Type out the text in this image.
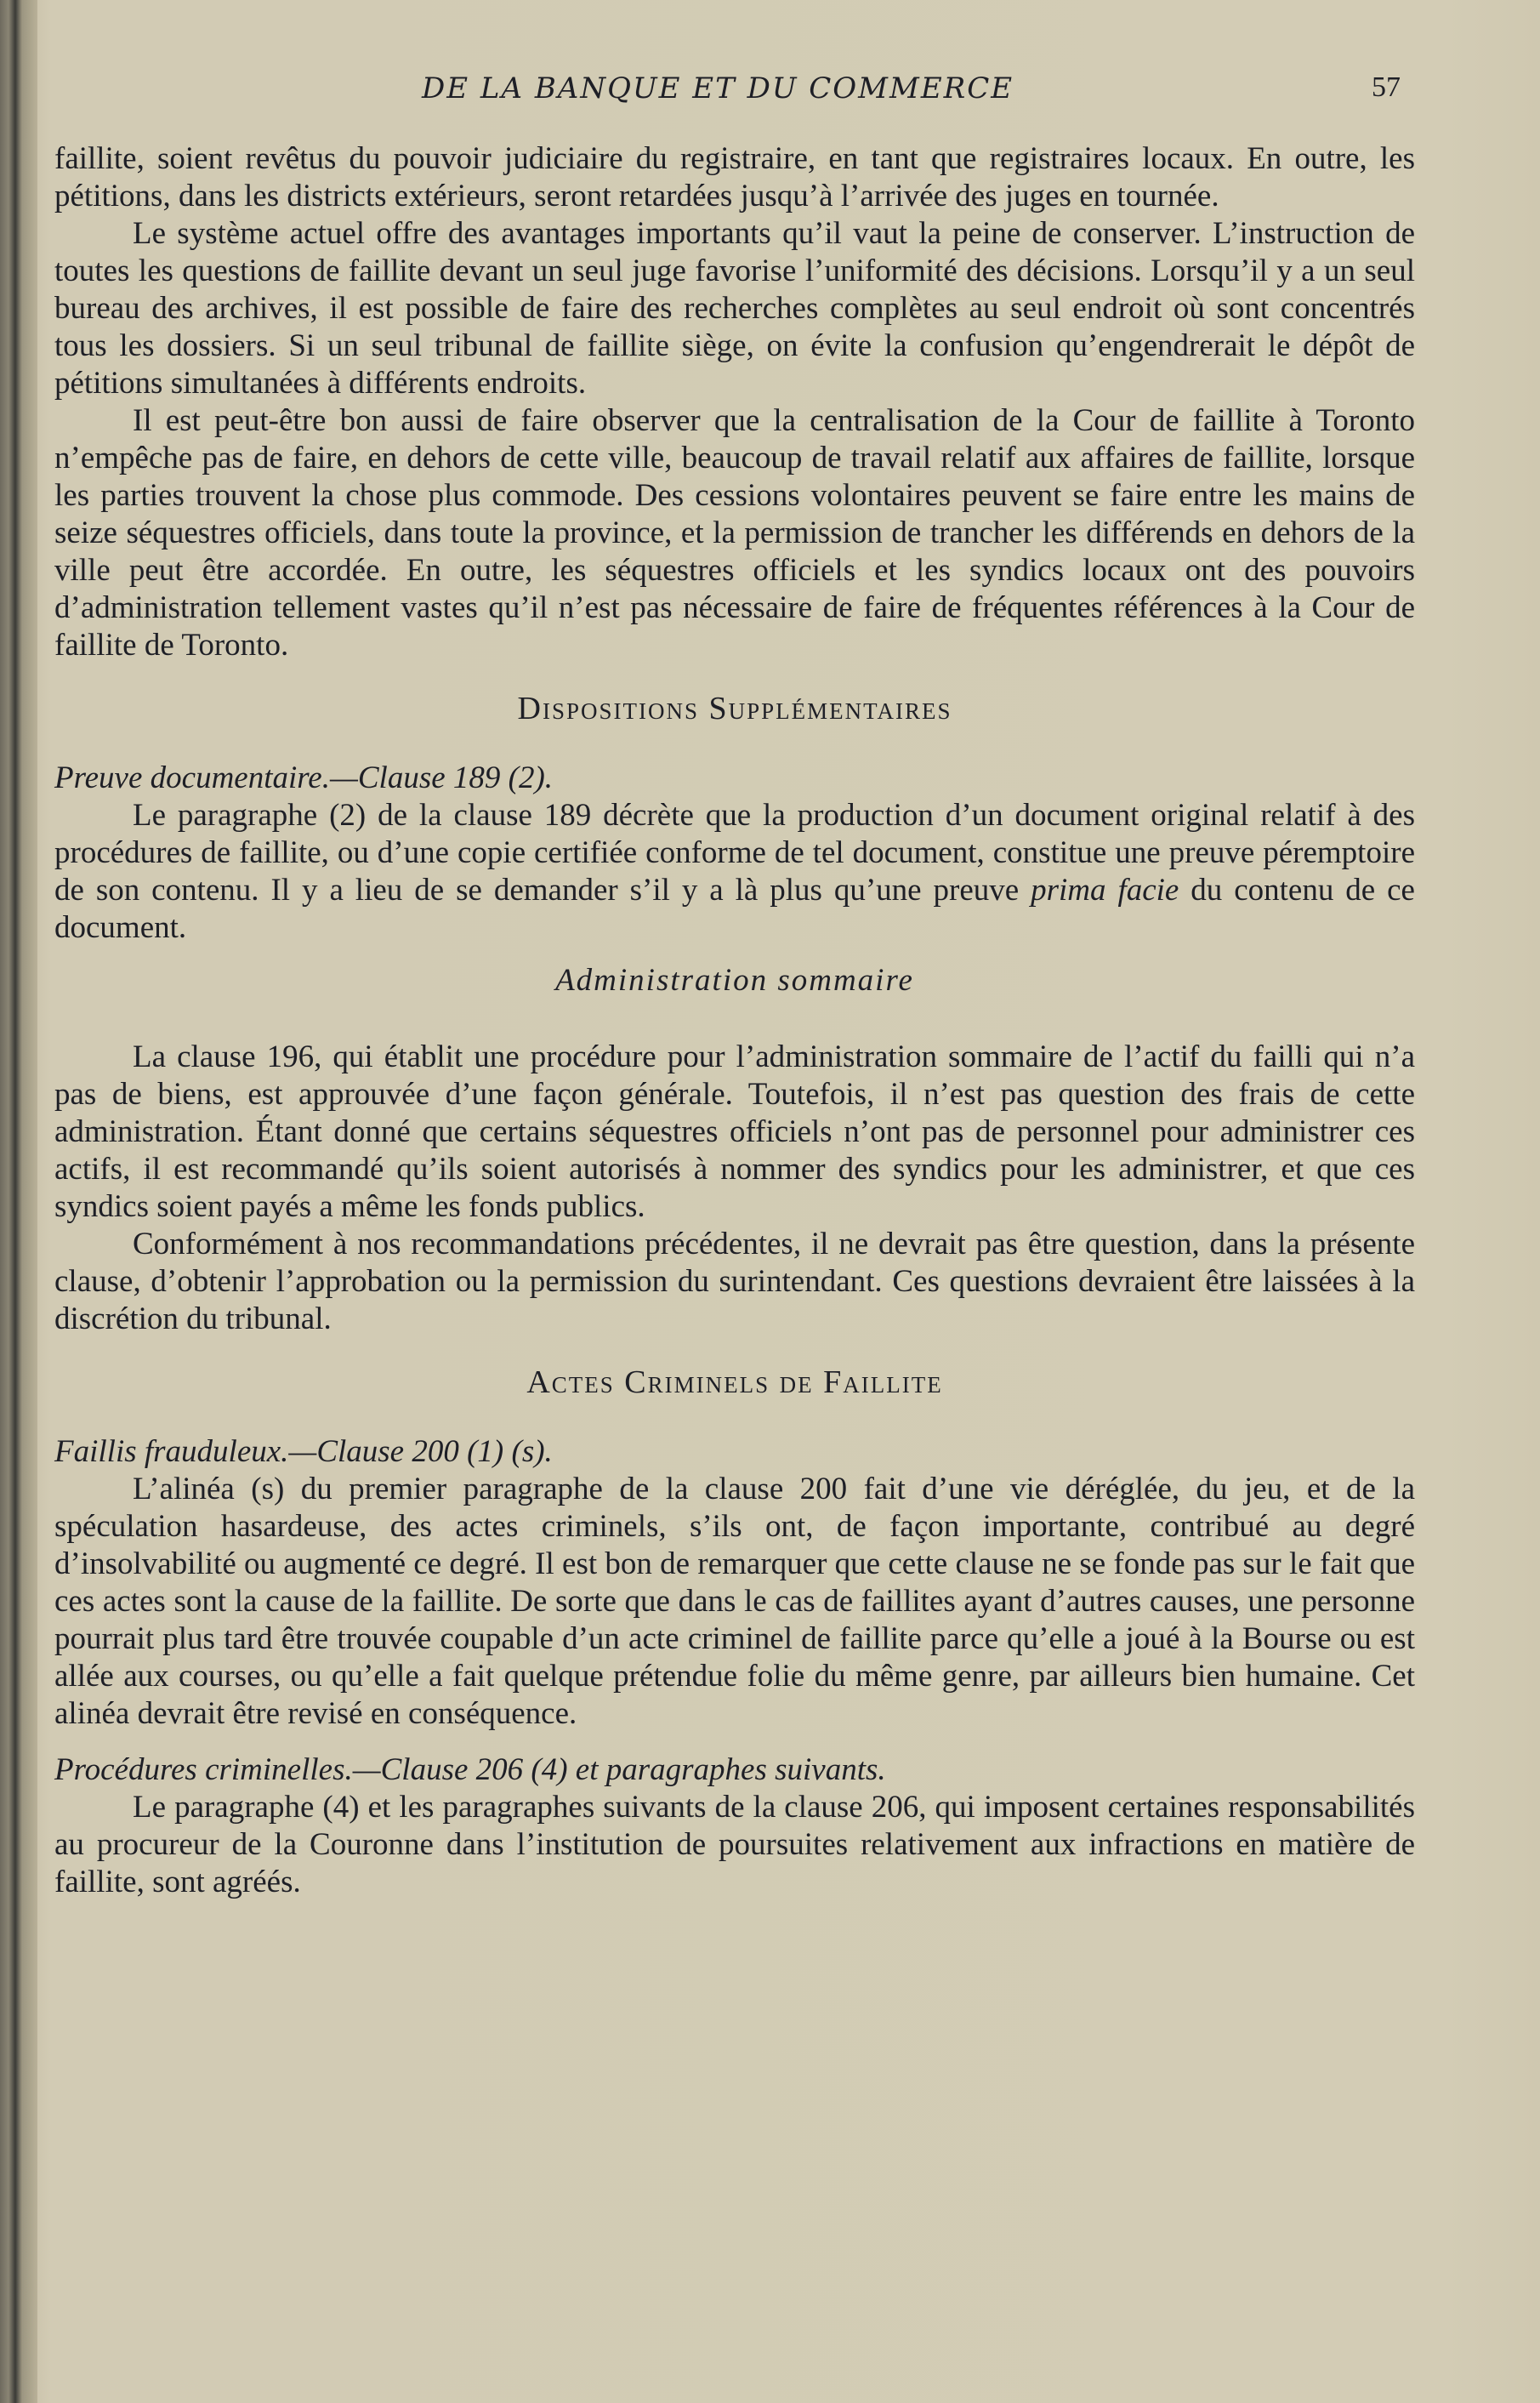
DE LA BANQUE ET DU COMMERCE	57

faillite, soient revêtus du pouvoir judiciaire du registraire, en tant que registraires locaux. En outre, les pétitions, dans les districts extérieurs, seront retardées jusqu’à l’arrivée des juges en tournée.

Le système actuel offre des avantages importants qu’il vaut la peine de conserver. L’instruction de toutes les questions de faillite devant un seul juge favorise l’uniformité des décisions. Lorsqu’il y a un seul bureau des archives, il est possible de faire des recherches complètes au seul endroit où sont concentrés tous les dossiers. Si un seul tribunal de faillite siège, on évite la confusion qu’engendrerait le dépôt de pétitions simultanées à différents endroits.

Il est peut-être bon aussi de faire observer que la centralisation de la Cour de faillite à Toronto n’empêche pas de faire, en dehors de cette ville, beaucoup de travail relatif aux affaires de faillite, lorsque les parties trouvent la chose plus commode. Des cessions volontaires peuvent se faire entre les mains de seize séquestres officiels, dans toute la province, et la permission de trancher les différends en dehors de la ville peut être accordée. En outre, les séquestres officiels et les syndics locaux ont des pouvoirs d’administration tellement vastes qu’il n’est pas nécessaire de faire de fréquentes références à la Cour de faillite de Toronto.

Dispositions Supplémentaires

Preuve documentaire.—Clause 189 (2).

Le paragraphe (2) de la clause 189 décrète que la production d’un document original relatif à des procédures de faillite, ou d’une copie certifiée conforme de tel document, constitue une preuve péremptoire de son contenu. Il y a lieu de se demander s’il y a là plus qu’une preuve prima facie du contenu de ce document.

Administration sommaire

La clause 196, qui établit une procédure pour l’administration sommaire de l’actif du failli qui n’a pas de biens, est approuvée d’une façon générale. Toutefois, il n’est pas question des frais de cette administration. Étant donné que certains séquestres officiels n’ont pas de personnel pour administrer ces actifs, il est recommandé qu’ils soient autorisés à nommer des syndics pour les administrer, et que ces syndics soient payés a même les fonds publics.

Conformément à nos recommandations précédentes, il ne devrait pas être question, dans la présente clause, d’obtenir l’approbation ou la permission du surintendant. Ces questions devraient être laissées à la discrétion du tribunal.

Actes Criminels de Faillite

Faillis frauduleux.—Clause 200 (1) (s).

L’alinéa (s) du premier paragraphe de la clause 200 fait d’une vie déréglée, du jeu, et de la spéculation hasardeuse, des actes criminels, s’ils ont, de façon importante, contribué au degré d’insolvabilité ou augmenté ce degré. Il est bon de remarquer que cette clause ne se fonde pas sur le fait que ces actes sont la cause de la faillite. De sorte que dans le cas de faillites ayant d’autres causes, une personne pourrait plus tard être trouvée coupable d’un acte criminel de faillite parce qu’elle a joué à la Bourse ou est allée aux courses, ou qu’elle a fait quelque prétendue folie du même genre, par ailleurs bien humaine. Cet alinéa devrait être revisé en conséquence.

Procédures criminelles.—Clause 206 (4) et paragraphes suivants.

Le paragraphe (4) et les paragraphes suivants de la clause 206, qui imposent certaines responsabilités au procureur de la Couronne dans l’institution de poursuites relativement aux infractions en matière de faillite, sont agréés.
